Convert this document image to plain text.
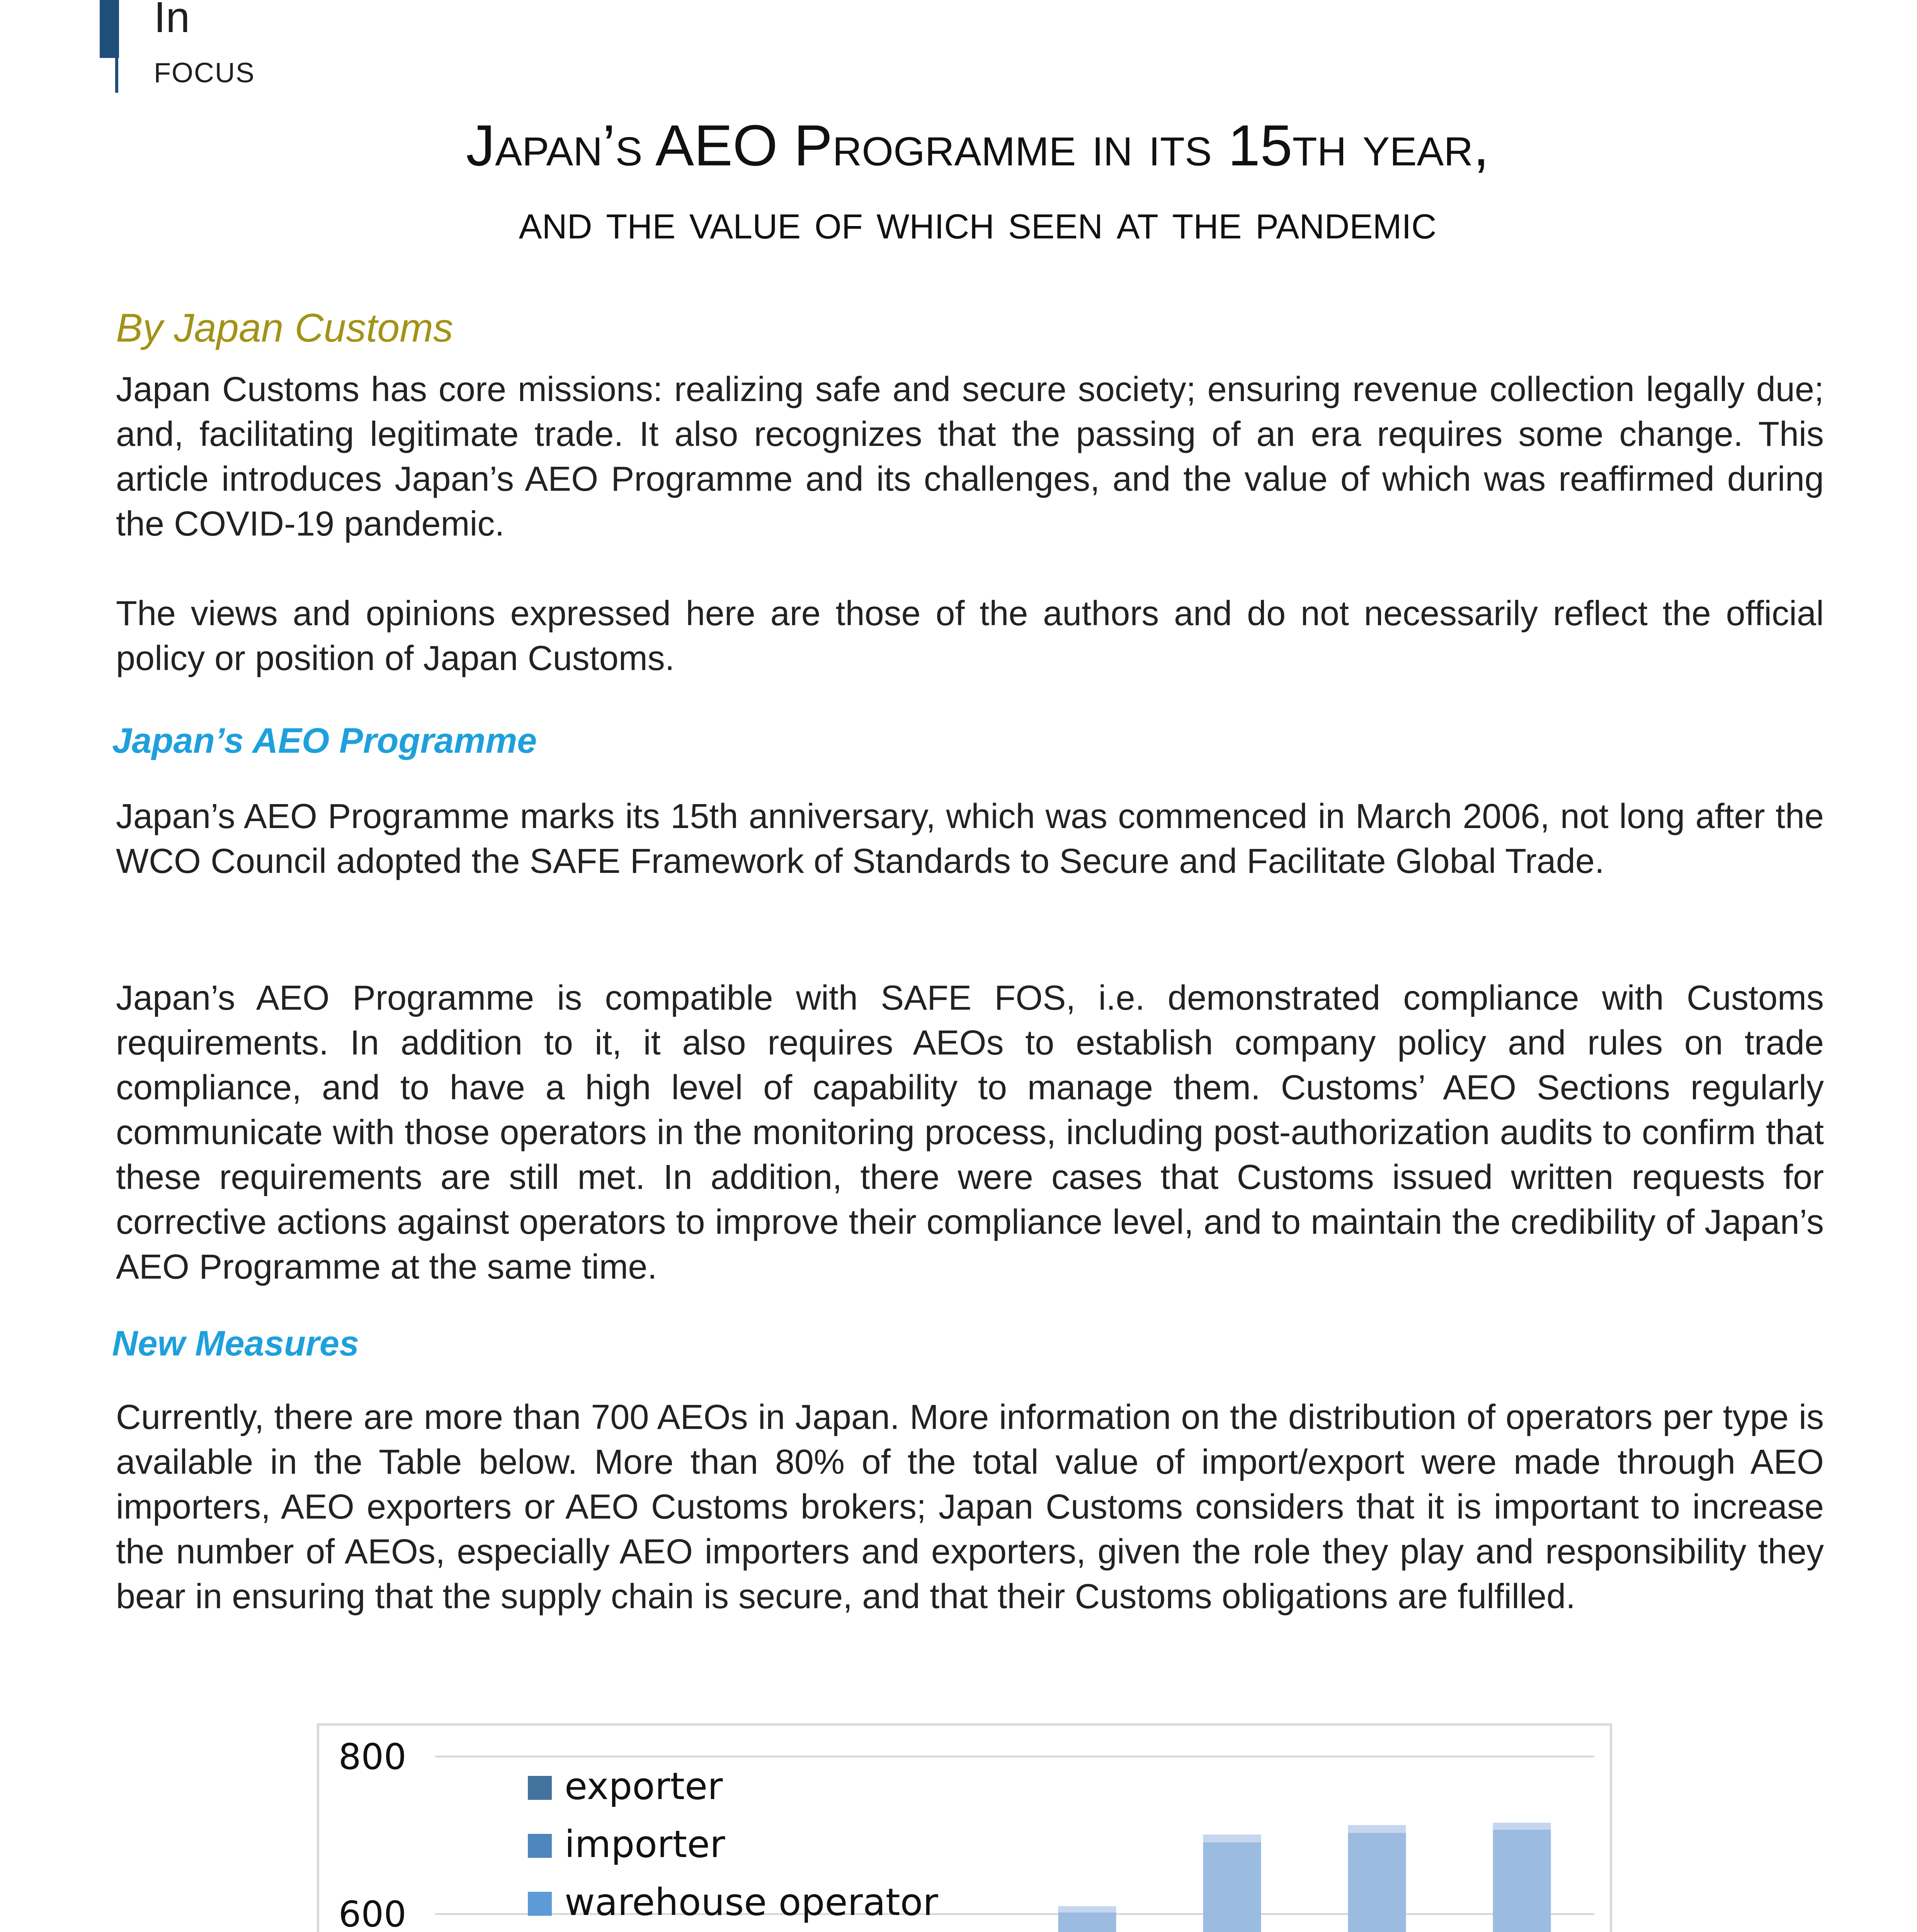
In
FOCUS
Japan’s AEO Programme in its 15th year,
and the value of which seen at the pandemic
By Japan Customs
Japan Customs has core missions: realizing safe and secure society; ensuring revenue collection legally due; and, facilitating legitimate trade. It also recognizes that the passing of an era requires some change. This article introduces Japan’s AEO Programme and its challenges, and the value of which was reaffirmed during the COVID-19 pandemic.
The views and opinions expressed here are those of the authors and do not necessarily reflect the official policy or position of Japan Customs.
Japan’s AEO Programme
Japan’s AEO Programme marks its 15th anniversary, which was commenced in March 2006, not long after the WCO Council adopted the SAFE Framework of Standards to Secure and Facilitate Global Trade.
Japan’s AEO Programme is compatible with SAFE FOS, i.e. demonstrated compliance with Customs requirements. In addition to it, it also requires AEOs to establish company policy and rules on trade compliance, and to have a high level of capability to manage them. Customs’ AEO Sections regularly communicate with those operators in the monitoring process, including post-authorization audits to confirm that these requirements are still met. In addition, there were cases that Customs issued written requests for corrective actions against operators to improve their compliance level, and to maintain the credibility of Japan’s AEO Programme at the same time.
New Measures
Currently, there are more than 700 AEOs in Japan. More information on the distribution of operators per type is available in the Table below. More than 80% of the total value of import/export were made through AEO importers, AEO exporters or AEO Customs brokers; Japan Customs considers that it is important to increase the number of AEOs, especially AEO importers and exporters, given the role they play and responsibility they bear in ensuring that the supply chain is secure, and that their Customs obligations are fulfilled.
600
800
exporter
importer
warehouse operator
